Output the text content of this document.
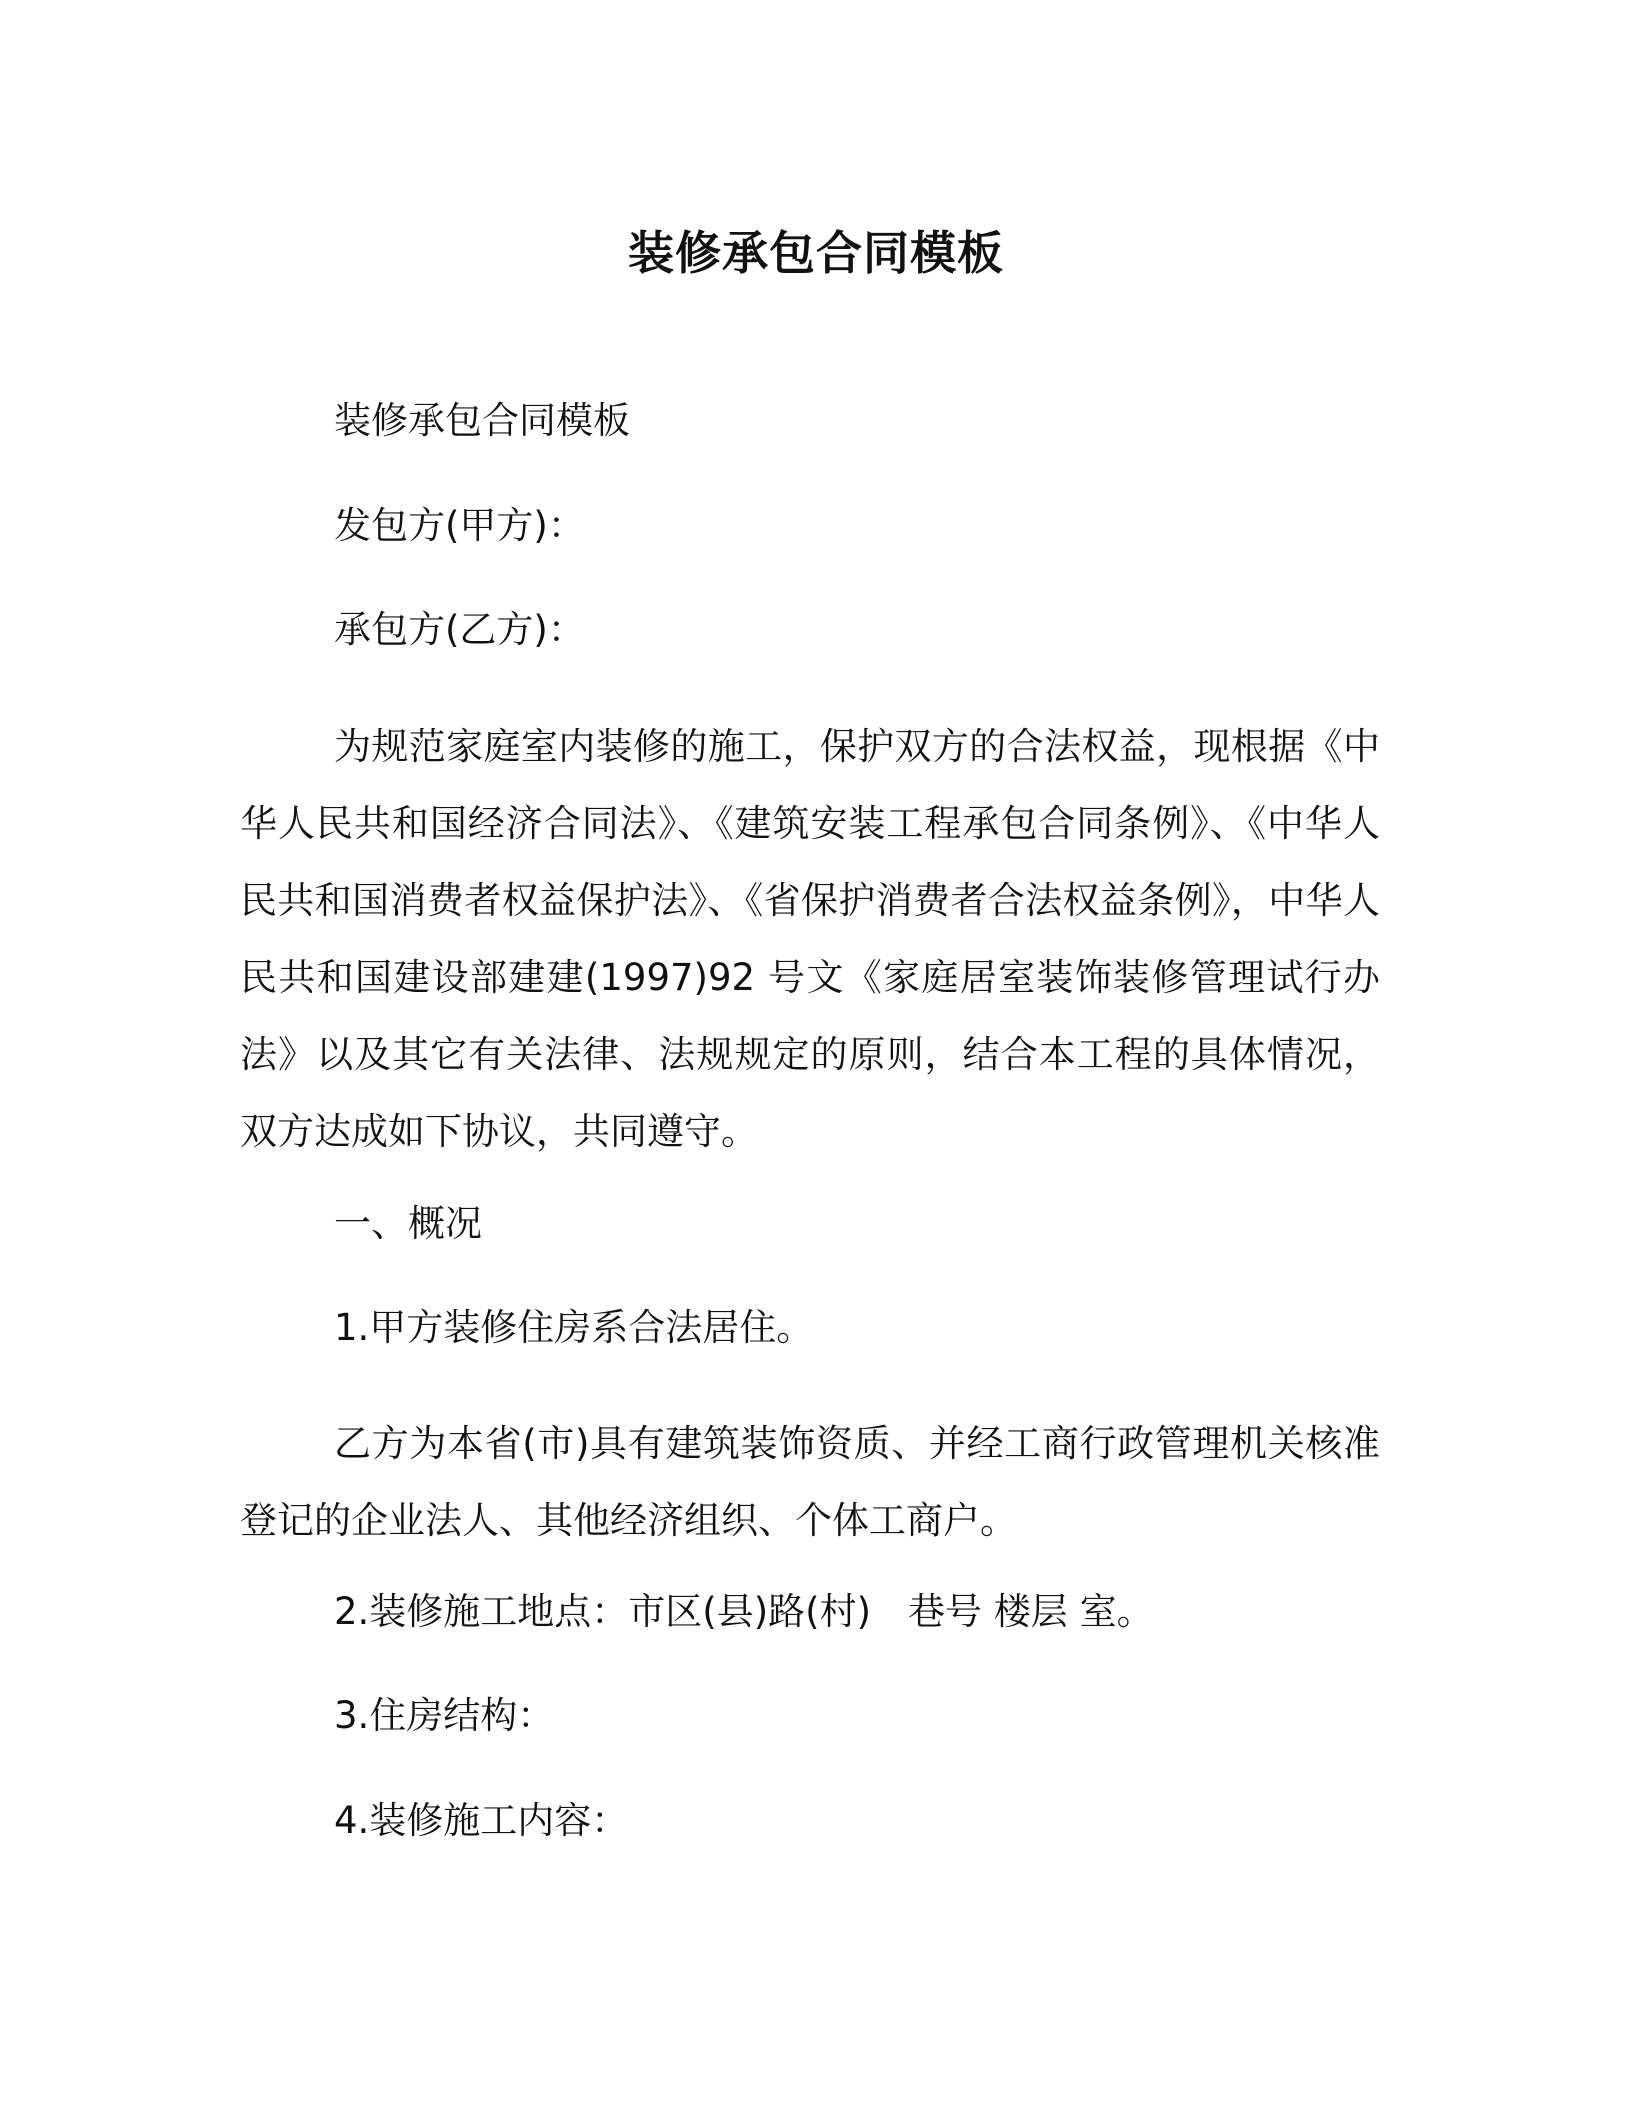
装修承包合同模板

装修承包合同模板

发包方(甲方)：

承包方(乙方)：

为规范家庭室内装修的施工，保护双方的合法权益，现根据《中华人民共和国经济合同法》、《建筑安装工程承包合同条例》、《中华人民共和国消费者权益保护法》、《省保护消费者合法权益条例》，中华人民共和国建设部建建(1997)92 号文《家庭居室装饰装修管理试行办法》以及其它有关法律、法规规定的原则，结合本工程的具体情况，双方达成如下协议，共同遵守。

一、概况

1.甲方装修住房系合法居住。

乙方为本省(市)具有建筑装饰资质、并经工商行政管理机关核准登记的企业法人、其他经济组织、个体工商户。

2.装修施工地点：市区(县)路(村)　巷号 楼层 室。

3.住房结构：

4.装修施工内容：
